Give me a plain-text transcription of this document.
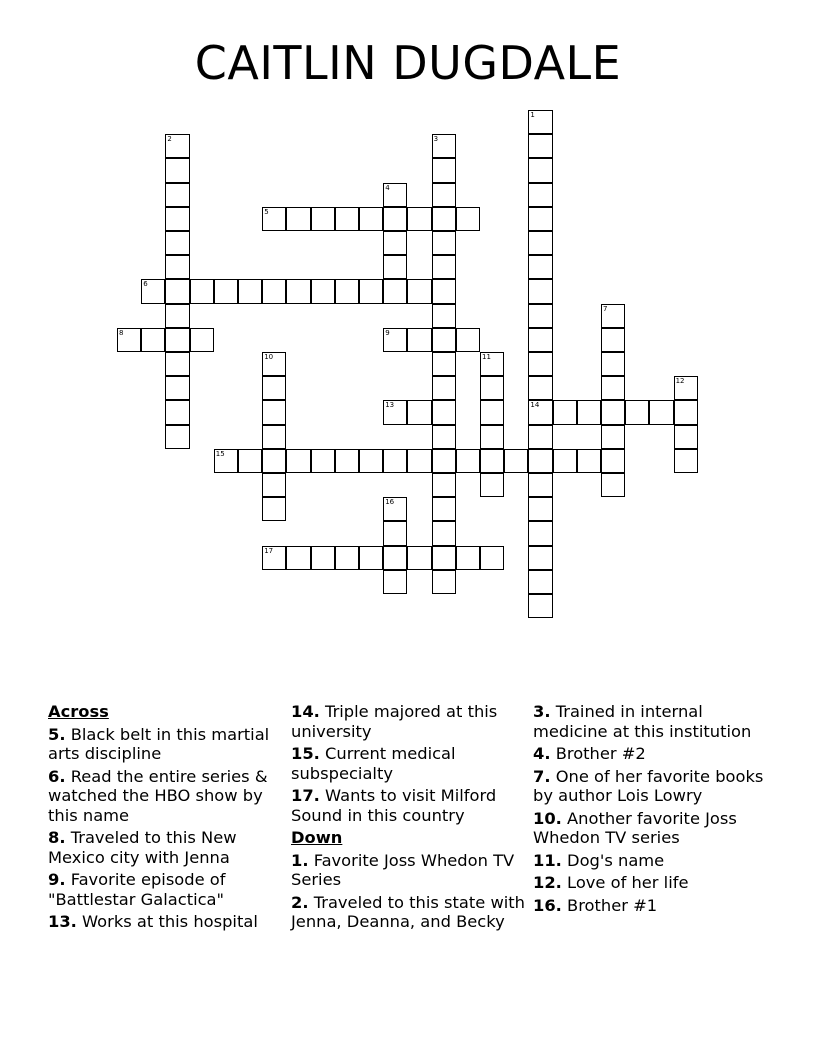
CAITLIN DUGDALE
1
14
2	3
4
5
6
7
8	9
10	11
12
13
15
16
17
Across
5. Black belt in this martial arts discipline
6. Read the entire series & watched the HBO show by this name
8. Traveled to this New Mexico city with Jenna
9. Favorite episode of "Battlestar Galactica"
13. Works at this hospital
14. Triple majored at this university
15. Current medical subspecialty
17. Wants to visit Milford Sound in this country
Down
1. Favorite Joss Whedon TV Series
2. Traveled to this state with Jenna, Deanna, and Becky
3. Trained in internal medicine at this institution
4. Brother #2
7. One of her favorite books by author Lois Lowry
10. Another favorite Joss Whedon TV series
11. Dog's name
12. Love of her life
16. Brother #1
